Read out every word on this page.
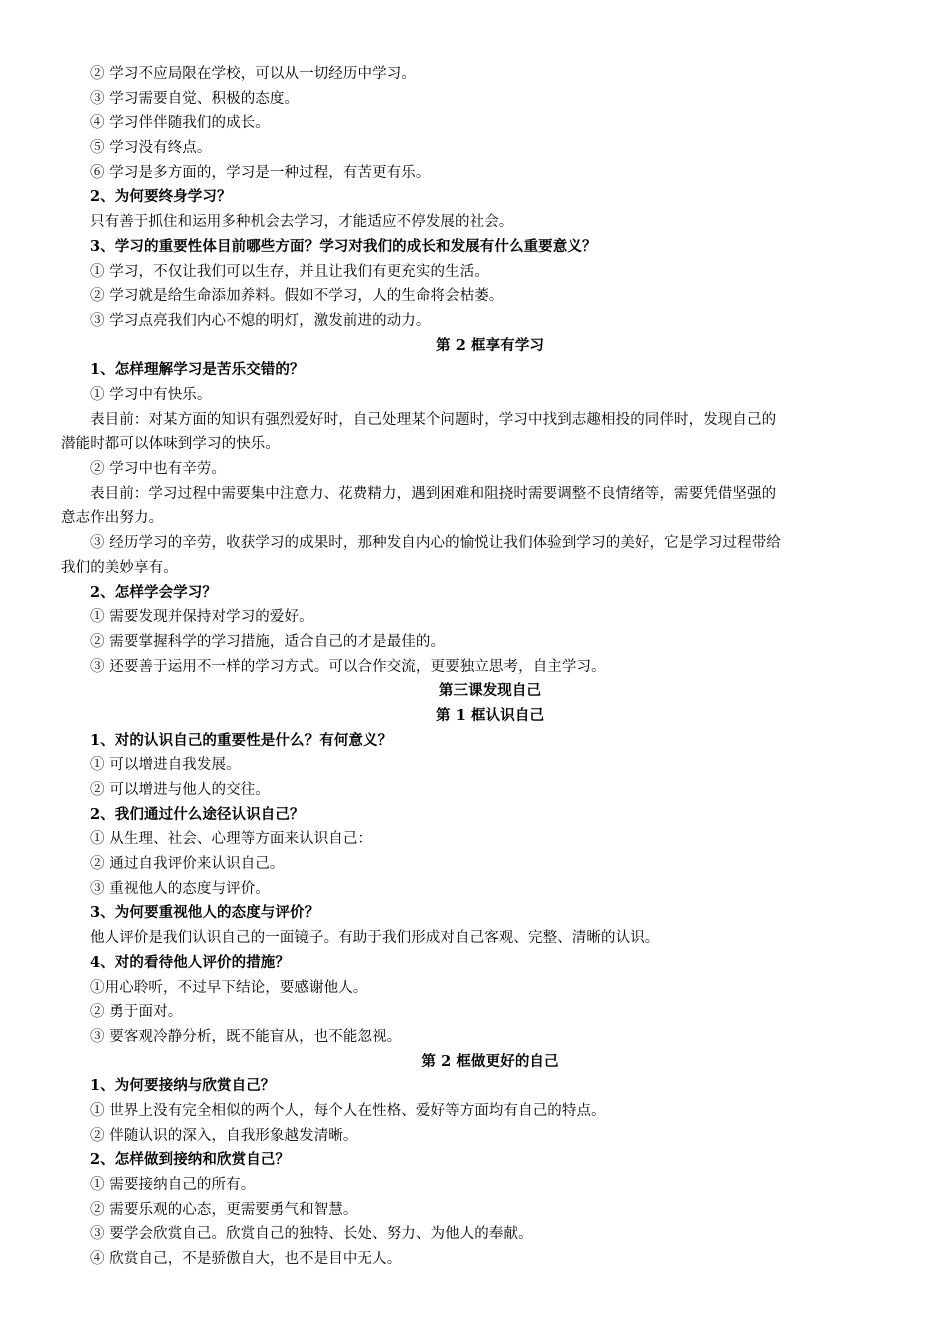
② 学习不应局限在学校，可以从一切经历中学习。
③ 学习需要自觉、积极的态度。
④ 学习伴伴随我们的成长。
⑤ 学习没有终点。
⑥ 学习是多方面的，学习是一种过程，有苦更有乐。
2、为何要终身学习？
只有善于抓住和运用多种机会去学习，才能适应不停发展的社会。
3、学习的重要性体目前哪些方面？学习对我们的成长和发展有什么重要意义？
① 学习，不仅让我们可以生存，并且让我们有更充实的生活。
② 学习就是给生命添加养料。假如不学习，人的生命将会枯萎。
③ 学习点亮我们内心不熄的明灯，激发前进的动力。
第 2 框享有学习
1、怎样理解学习是苦乐交错的？
① 学习中有快乐。
表目前：对某方面的知识有强烈爱好时，自己处理某个问题时，学习中找到志趣相投的同伴时，发现自己的
潜能时都可以体味到学习的快乐。
② 学习中也有辛劳。
表目前：学习过程中需要集中注意力、花费精力，遇到困难和阻挠时需要调整不良情绪等，需要凭借坚强的
意志作出努力。
③ 经历学习的辛劳，收获学习的成果时，那种发自内心的愉悦让我们体验到学习的美好，它是学习过程带给
我们的美妙享有。
2、怎样学会学习？
① 需要发现并保持对学习的爱好。
② 需要掌握科学的学习措施，适合自己的才是最佳的。
③ 还要善于运用不一样的学习方式。可以合作交流，更要独立思考，自主学习。
第三课发现自己
第 1 框认识自己
1、对的认识自己的重要性是什么？有何意义？
① 可以增进自我发展。
② 可以增进与他人的交往。
2、我们通过什么途径认识自己？
① 从生理、社会、心理等方面来认识自己：
② 通过自我评价来认识自己。
③ 重视他人的态度与评价。
3、为何要重视他人的态度与评价？
他人评价是我们认识自己的一面镜子。有助于我们形成对自己客观、完整、清晰的认识。
4、对的看待他人评价的措施？
①用心聆听，不过早下结论，要感谢他人。
② 勇于面对。
③ 要客观冷静分析，既不能盲从，也不能忽视。
第 2 框做更好的自己
1、为何要接纳与欣赏自己？
① 世界上没有完全相似的两个人，每个人在性格、爱好等方面均有自己的特点。
② 伴随认识的深入，自我形象越发清晰。
2、怎样做到接纳和欣赏自己？
① 需要接纳自己的所有。
② 需要乐观的心态，更需要勇气和智慧。
③ 要学会欣赏自己。欣赏自己的独特、长处、努力、为他人的奉献。
④ 欣赏自己，不是骄傲自大，也不是目中无人。
